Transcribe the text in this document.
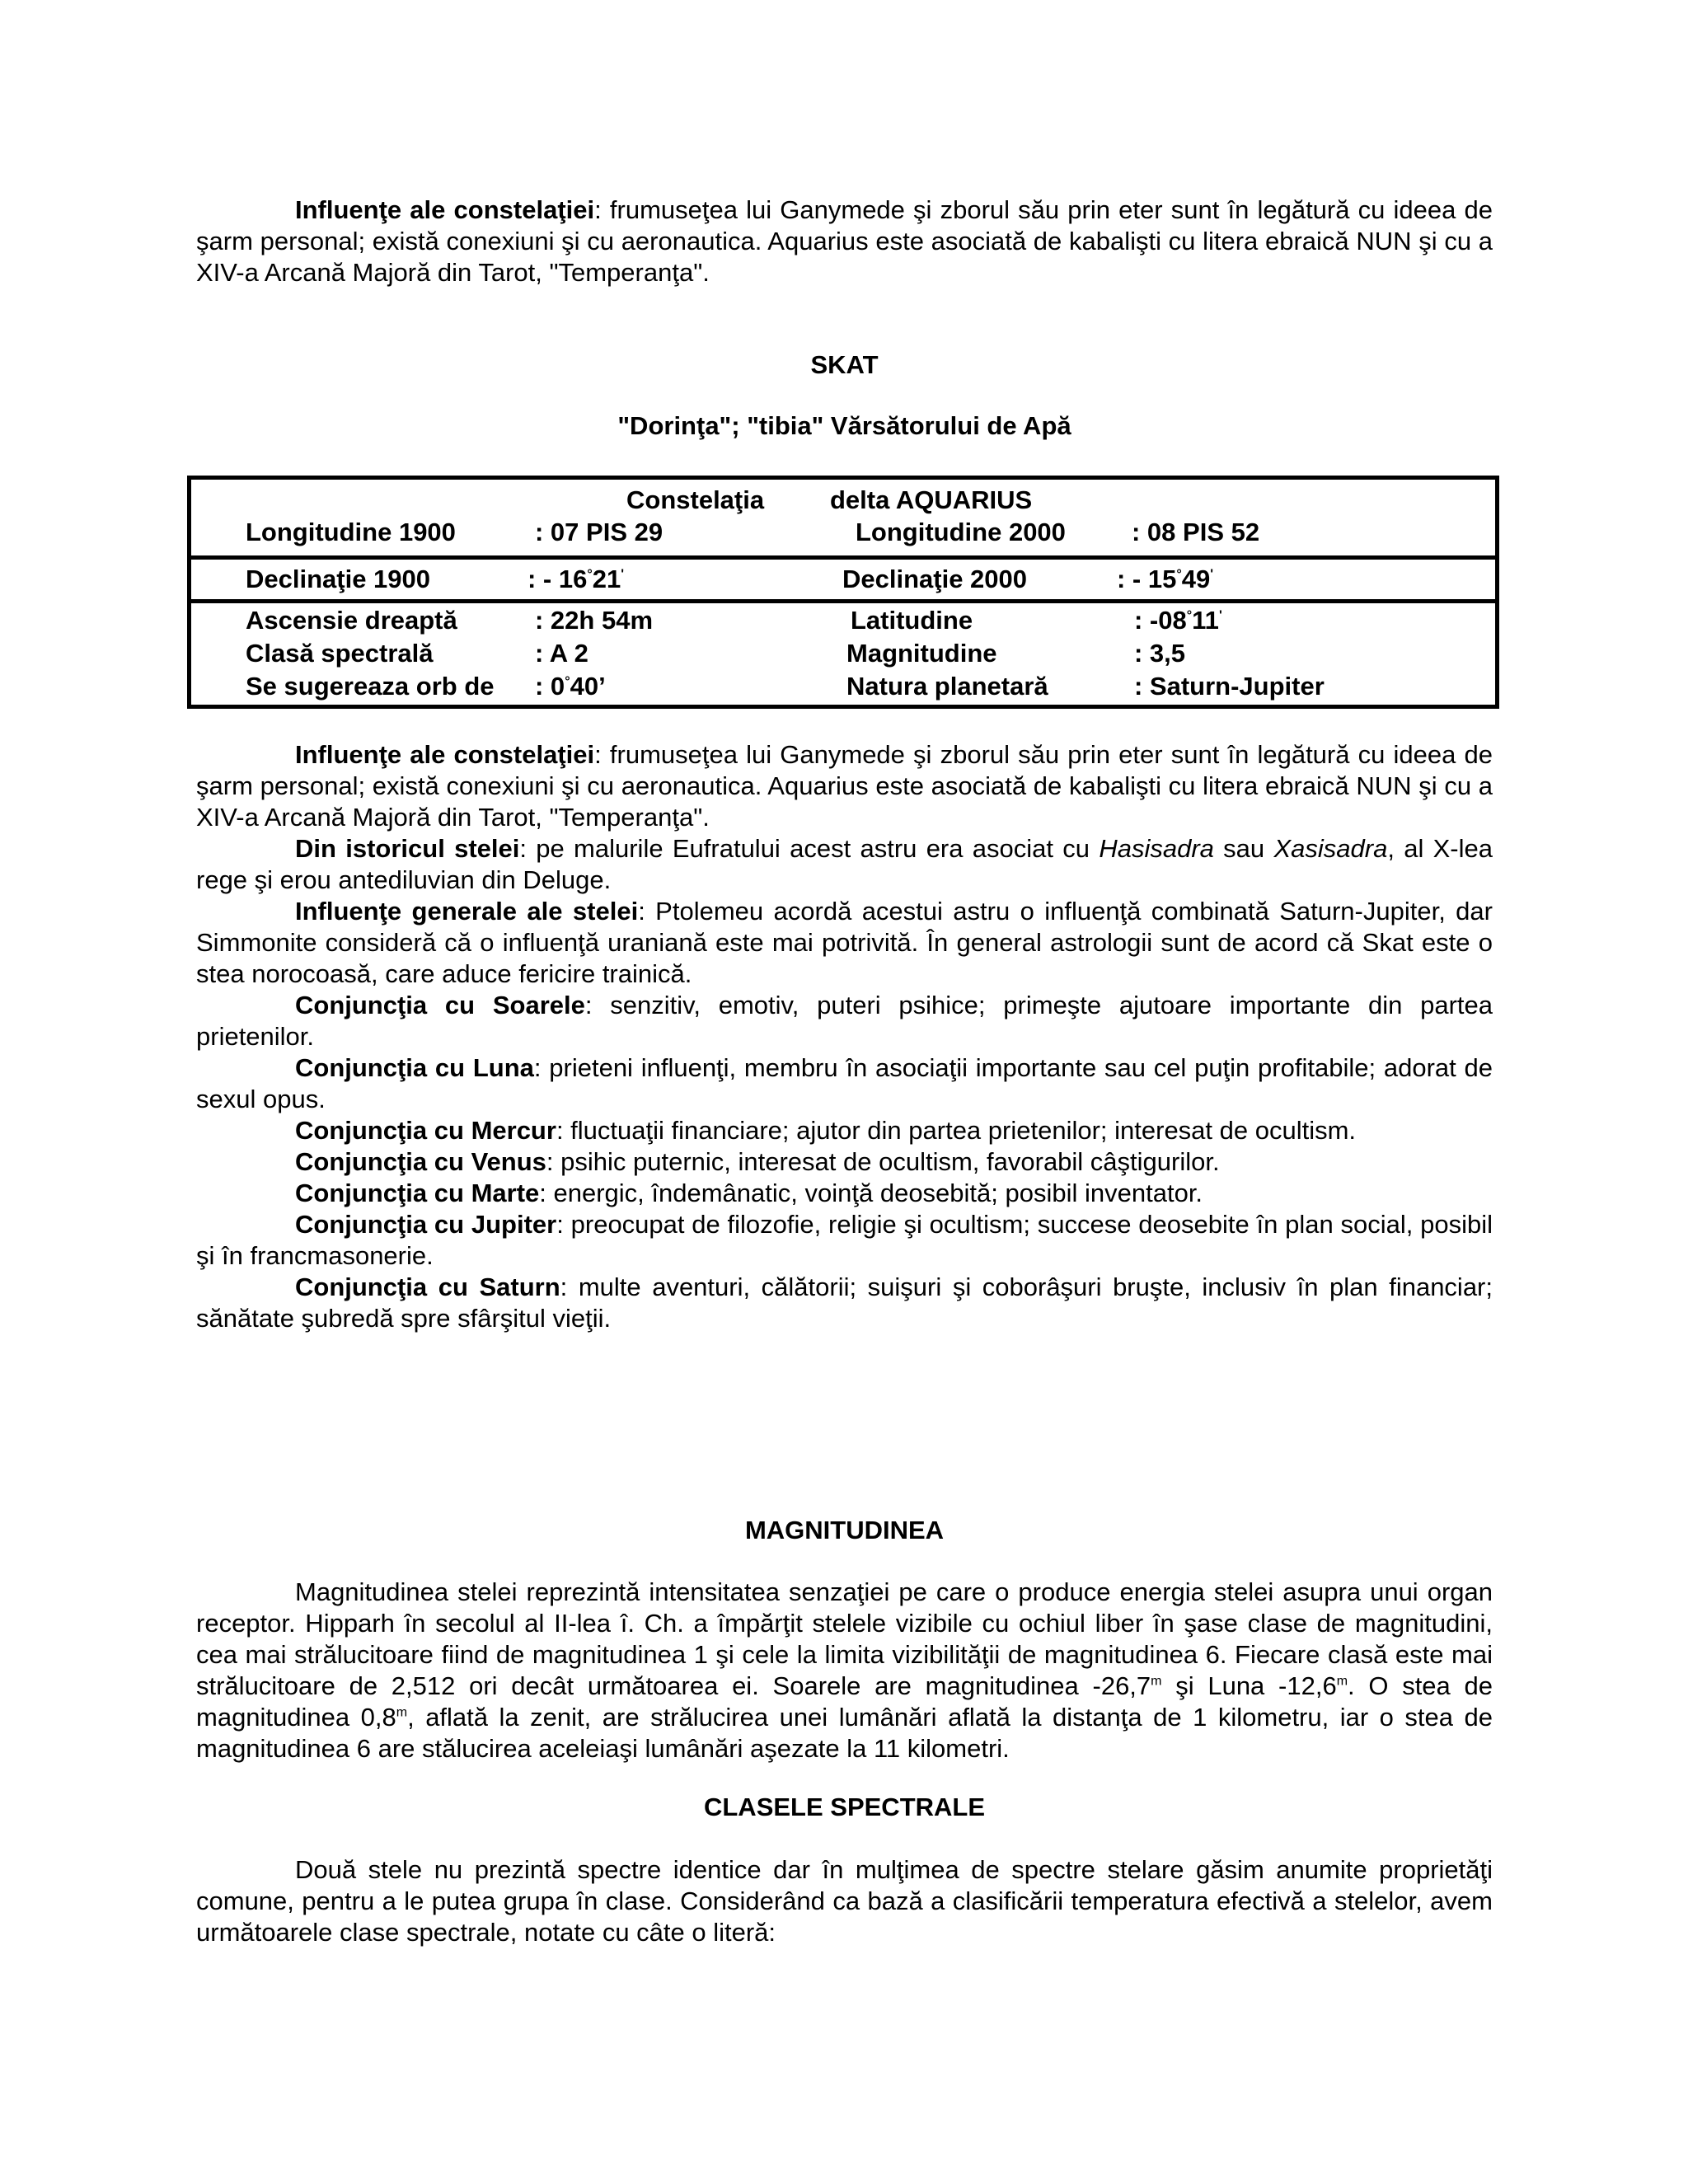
Influenţe ale constelaţiei: frumuseţea lui Ganymede şi zborul său prin eter sunt în legătură cu ideea de şarm personal; există conexiuni şi cu aeronautica. Aquarius este asociată de kabalişti cu litera ebraică NUN şi cu a XIV-a Arcană Majoră din Tarot, "Temperanţa".

SKAT
"Dorinţa"; "tibia" Vărsătorului de Apă
Constelaţia	delta AQUARIUS
Longitudine 1900	: 07 PIS 29	Longitudine 2000	: 08 PIS 52
Declinaţie 1900	: - 16°21'	Declinaţie 2000	: - 15°49'
Ascensie dreaptă	: 22h 54m	Latitudine	: -08°11'
Clasă spectrală	: A 2	Magnitudine	: 3,5
Se sugereaza orb de : 0°40’	Natura planetară	: Saturn-Jupiter

Influenţe ale constelaţiei: frumuseţea lui Ganymede şi zborul său prin eter sunt în legătură cu ideea de şarm personal; există conexiuni şi cu aeronautica. Aquarius este asociată de kabalişti cu litera ebraică NUN şi cu a XIV-a Arcană Majoră din Tarot, "Temperanţa".

Din istoricul stelei: pe malurile Eufratului acest astru era asociat cu Hasisadra sau Xasisadra, al X-lea rege şi erou antediluvian din Deluge.

Influenţe generale ale stelei: Ptolemeu acordă acestui astru o influenţă combinată Saturn-Jupiter, dar Simmonite consideră că o influenţă uraniană este mai potrivită. În general astrologii sunt de acord că Skat este o stea norocoasă, care aduce fericire trainică.

Conjuncţia cu Soarele: senzitiv, emotiv, puteri psihice; primeşte ajutoare importante din partea prietenilor.

Conjuncţia cu Luna: prieteni influenţi, membru în asociaţii importante sau cel puţin profitabile; adorat de sexul opus.

Conjuncţia cu Mercur: fluctuaţii financiare; ajutor din partea prietenilor; interesat de ocultism.

Conjuncţia cu Venus: psihic puternic, interesat de ocultism, favorabil câştigurilor.

Conjuncţia cu Marte: energic, îndemânatic, voinţă deosebită; posibil inventator.

Conjuncţia cu Jupiter: preocupat de filozofie, religie şi ocultism; succese deosebite în plan social, posibil şi în francmasonerie.

Conjuncţia cu Saturn: multe aventuri, călătorii; suişuri şi coborâşuri bruşte, inclusiv în plan financiar; sănătate şubredă spre sfârşitul vieţii.

MAGNITUDINEA

Magnitudinea stelei reprezintă intensitatea senzaţiei pe care o produce energia stelei asupra unui organ receptor. Hipparh în secolul al II-lea î. Ch. a împărţit stelele vizibile cu ochiul liber în şase clase de magnitudini, cea mai strălucitoare fiind de magnitudinea 1 şi cele la limita vizibilităţii de magnitudinea 6. Fiecare clasă este mai strălucitoare de 2,512 ori decât următoarea ei. Soarele are magnitudinea -26,7$^m$ şi Luna -12,6$^m$. O stea de magnitudinea 0,8$^m$, aflată la zenit, are strălucirea unei lumânări aflată la distanţa de 1 kilometru, iar o stea de magnitudinea 6 are stălucirea aceleiaşi lumânări aşezate la 11 kilometri.

CLASELE SPECTRALE

Două stele nu prezintă spectre identice dar în mulţimea de spectre stelare găsim anumite proprietăţi comune, pentru a le putea grupa în clase. Considerând ca bază a clasificării temperatura efectivă a stelelor, avem următoarele clase spectrale, notate cu câte o literă:
